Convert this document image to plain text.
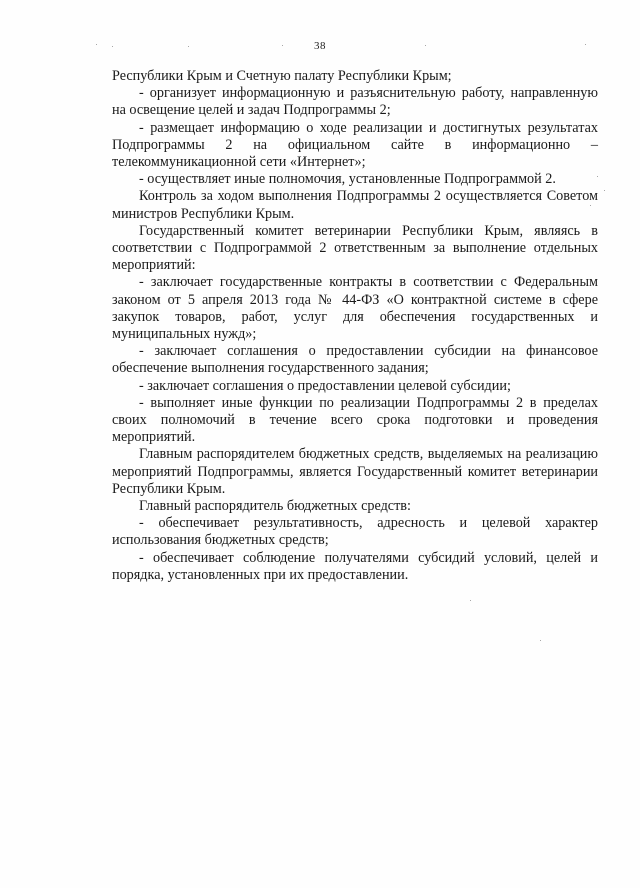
38

Республики Крым и Счетную палату Республики Крым;

- организует информационную и разъяснительную работу, направленную на освещение целей и задач Подпрограммы 2;

- размещает информацию о ходе реализации и достигнутых результатах Подпрограммы 2 на официальном сайте в информационно – телекоммуникационной сети «Интернет»;

- осуществляет иные полномочия, установленные Подпрограммой 2.

Контроль за ходом выполнения Подпрограммы 2 осуществляется Советом министров Республики Крым.

Государственный комитет ветеринарии Республики Крым, являясь в соответствии с Подпрограммой 2 ответственным за выполнение отдельных мероприятий:

- заключает государственные контракты в соответствии с Федеральным законом от 5 апреля 2013 года № 44-ФЗ «О контрактной системе в сфере закупок товаров, работ, услуг для обеспечения государственных и муниципальных нужд»;

- заключает соглашения о предоставлении субсидии на финансовое обеспечение выполнения государственного задания;

- заключает соглашения о предоставлении целевой субсидии;

- выполняет иные функции по реализации Подпрограммы 2 в пределах своих полномочий в течение всего срока подготовки и проведения мероприятий.

Главным распорядителем бюджетных средств, выделяемых на реализацию мероприятий Подпрограммы, является Государственный комитет ветеринарии Республики Крым.

Главный распорядитель бюджетных средств:

- обеспечивает результативность, адресность и целевой характер использования бюджетных средств;

- обеспечивает соблюдение получателями субсидий условий, целей и порядка, установленных при их предоставлении.
